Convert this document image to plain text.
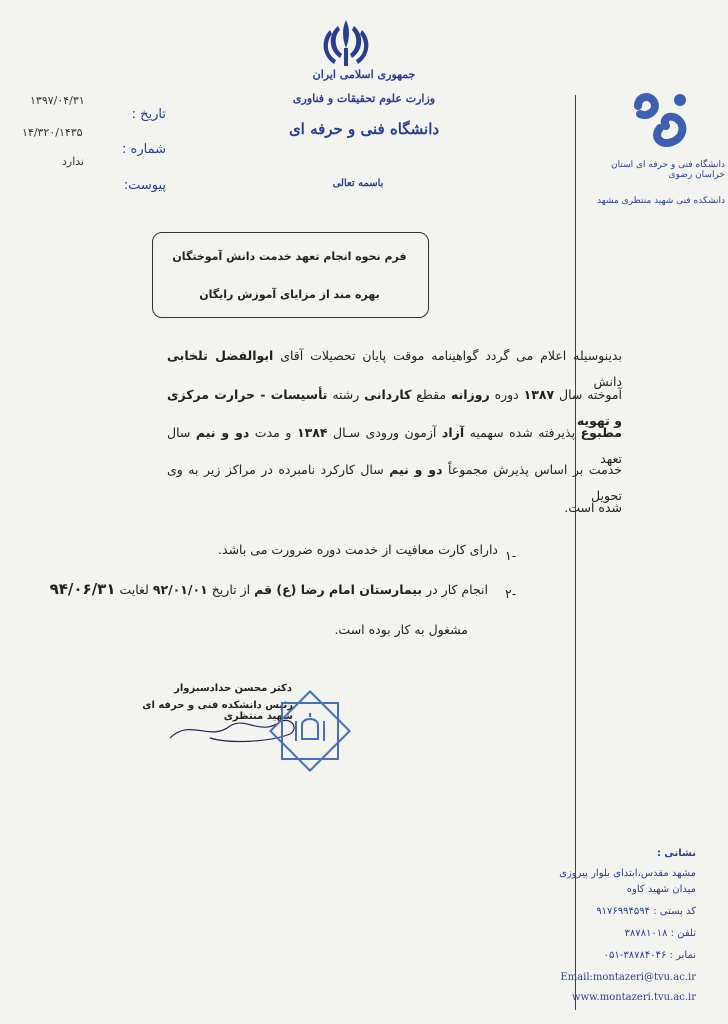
جمهوری اسلامی ایران
وزارت علوم تحقیقات و فناوری
دانشگاه فنی و حرفه ای
باسمه تعالی
۱۳۹۷/۰۴/۳۱
تاریخ :
۱۴/۳۲۰/۱۴۳۵
شماره :
ندارد
پیوست:
دانشگاه فنی و حرفه ای استان خراسان رضوی
دانشکده فنی شهید منتظری مشهد
فرم نحوه انجام تعهد خدمت دانش آموختگان
بهره مند از مزایای آموزش رایگان
بدینوسیله اعلام می گردد گواهینامه موقت پایان تحصیلات آقای ابوالفضل تلخابی دانش
آموخته سال ۱۳۸۷ دوره روزانه مقطع کاردانی رشته تأسیسات - حرارت مرکزی و تهویه
مطبوع پذیرفته شده سهمیه آزاد آزمون ورودی سـال ۱۳۸۴ و مدت دو و نیم سال تعهد
خدمت بر اساس پذیرش مجموعاً دو و نیم سال کارکرد نامبرده در مراکز زیر به وی تحویل
شده است.
۱-
دارای کارت معافیت از خدمت دوره ضرورت می باشد.
۲-
انجام کار در بیمارستان امام رضا (ع) قم از تاریخ ۹۲/۰۱/۰۱ لغایت ۹۴/۰۶/۳۱
مشغول به کار بوده است.
دکتر محسن حدادسبزوار
رئیس دانشکده فنی و حرفه ای شهید منتظری
نشانی :
مشهد مقدس،ابتدای بلوار پیروزی
میدان شهید کاوه
کد پستی : ۹۱۷۶۹۹۴۵۹۴
تلفن : ۳۸۷۸۱۰۱۸
نمابر : ۳۸۷۸۴۰۴۶-۰۵۱
Email:montazeri@tvu.ac.ir
www.montazeri.tvu.ac.ir
